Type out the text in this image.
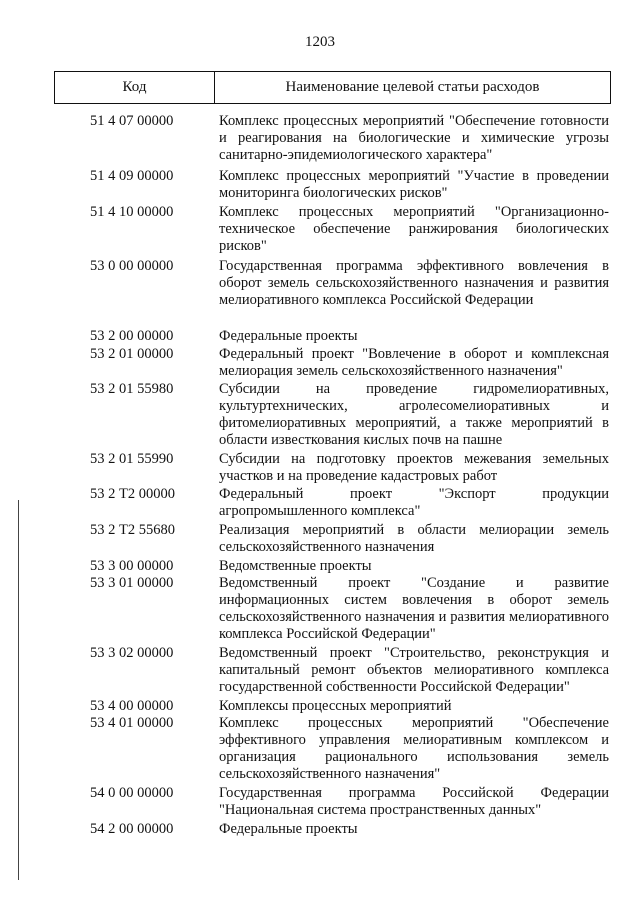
1203
Код	Наименование целевой статьи расходов
51 4 07 00000	Комплекс процессных мероприятий "Обеспечение готовности и реагирования на биологические и химические угрозы санитарно-эпидемиологического характера"
51 4 09 00000	Комплекс процессных мероприятий "Участие в проведении мониторинга биологических рисков"
51 4 10 00000	Комплекс процессных мероприятий "Организационно-техническое обеспечение ранжирования биологических рисков"
53 0 00 00000	Государственная программа эффективного вовлечения в оборот земель сельскохозяйственного назначения и развития мелиоративного комплекса Российской Федерации
53 2 00 00000	Федеральные проекты
53 2 01 00000	Федеральный проект "Вовлечение в оборот и комплексная мелиорация земель сельскохозяйственного назначения"
53 2 01 55980	Субсидии на проведение гидромелиоративных, культуртехнических, агролесомелиоративных и фитомелиоративных мероприятий, а также мероприятий в области известкования кислых почв на пашне
53 2 01 55990	Субсидии на подготовку проектов межевания земельных участков и на проведение кадастровых работ
53 2 Т2 00000	Федеральный проект "Экспорт продукции агропромышленного комплекса"
53 2 Т2 55680	Реализация мероприятий в области мелиорации земель сельскохозяйственного назначения
53 3 00 00000	Ведомственные проекты
53 3 01 00000	Ведомственный проект "Создание и развитие информационных систем вовлечения в оборот земель сельскохозяйственного назначения и развития мелиоративного комплекса Российской Федерации"
53 3 02 00000	Ведомственный проект "Строительство, реконструкция и капитальный ремонт объектов мелиоративного комплекса государственной собственности Российской Федерации"
53 4 00 00000	Комплексы процессных мероприятий
53 4 01 00000	Комплекс процессных мероприятий "Обеспечение эффективного управления мелиоративным комплексом и организация рационального использования земель сельскохозяйственного назначения"
54 0 00 00000	Государственная программа Российской Федерации "Национальная система пространственных данных"
54 2 00 00000	Федеральные проекты
